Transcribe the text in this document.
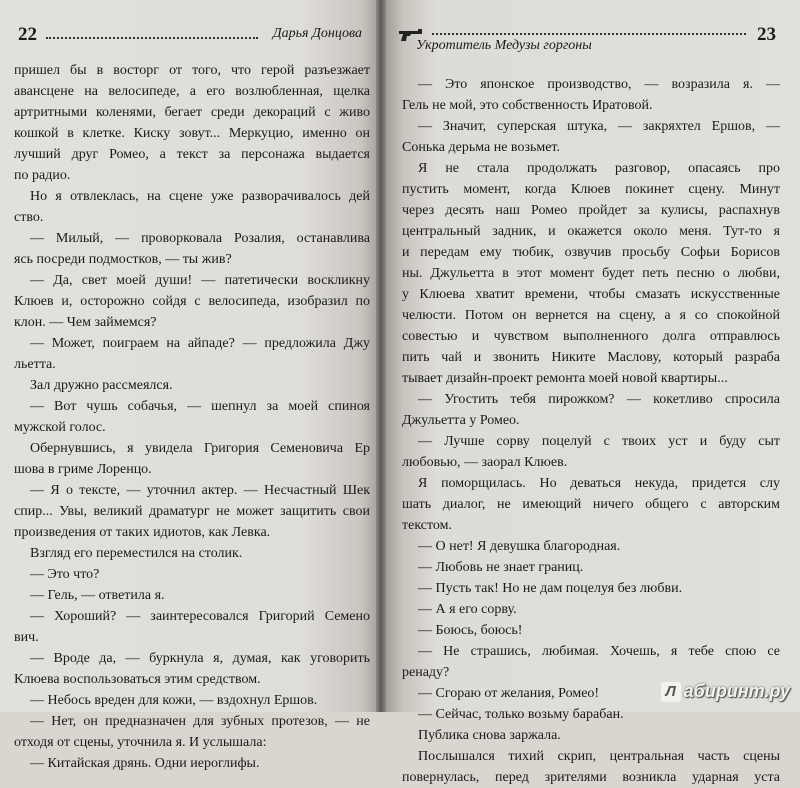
22	Дарья Донцова
пришел бы в восторг от того, что герой разъезжает
авансцене на велосипеде, а его возлюбленная, щелка
артритными коленями, бегает среди декораций с живо
кошкой в клетке. Киску зовут... Меркуцио, именно он
лучший друг Ромео, а текст за персонажа выдается
по радио.
Но я отвлеклась, на сцене уже разворачивалось дей
ство.
— Милый, — проворковала Розалия, останавлива
ясь посреди подмостков, — ты жив?
— Да, свет моей души! — патетически воскликну
Клюев и, осторожно сойдя с велосипеда, изобразил по
клон. — Чем займемся?
— Может, поиграем на айпаде? — предложила Джу
льетта.
Зал дружно рассмеялся.
— Вот чушь собачья, — шепнул за моей спиноя
мужской голос.
Обернувшись, я увидела Григория Семеновича Ер
шова в гриме Лоренцо.
— Я о тексте, — уточнил актер. — Несчастный Шек
спир... Увы, великий драматург не может защитить свои
произведения от таких идиотов, как Левка.
Взгляд его переместился на столик.
— Это что?
— Гель, — ответила я.
— Хороший? — заинтересовался Григорий Семено
вич.
— Вроде да, — буркнула я, думая, как уговорить
Клюева воспользоваться этим средством.
— Небось вреден для кожи, — вздохнул Ершов.
— Нет, он предназначен для зубных протезов, — не
отходя от сцены, уточнила я. И услышала:
— Китайская дрянь. Одни иероглифы.
Укротитель Медузы горгоны
23
— Это японское производство, — возразила я. —
Гель не мой, это собственность Иратовой.
— Значит, суперская штука, — закряхтел Ершов, —
Сонька дерьма не возьмет.
Я не стала продолжать разговор, опасаясь про
пустить момент, когда Клюев покинет сцену. Минут
через десять наш Ромео пройдет за кулисы, распахнув
центральный задник, и окажется около меня. Тут-то я
и передам ему тюбик, озвучив просьбу Софьи Борисов
ны. Джульетта в этот момент будет петь песню о любви,
у Клюева хватит времени, чтобы смазать искусственные
челюсти. Потом он вернется на сцену, а я со спокойной
совестью и чувством выполненного долга отправлюсь
пить чай и звонить Никите Маслову, который разраба
тывает дизайн-проект ремонта моей новой квартиры...
— Угостить тебя пирожком? — кокетливо спросила
Джульетта у Ромео.
— Лучше сорву поцелуй с твоих уст и буду сыт
любовью, — заорал Клюев.
Я поморщилась. Но деваться некуда, придется слу
шать диалог, не имеющий ничего общего с авторским
текстом.
— О нет! Я девушка благородная.
— Любовь не знает границ.
— Пусть так! Но не дам поцелуя без любви.
— А я его сорву.
— Боюсь, боюсь!
— Не страшись, любимая. Хочешь, я тебе спою се
ренаду?
— Сгораю от желания, Ромео!
— Сейчас, только возьму барабан.
Публика снова заржала.
Послышался тихий скрип, центральная часть сцены
повернулась, перед зрителями возникла ударная уста
Л абиринт.ру
